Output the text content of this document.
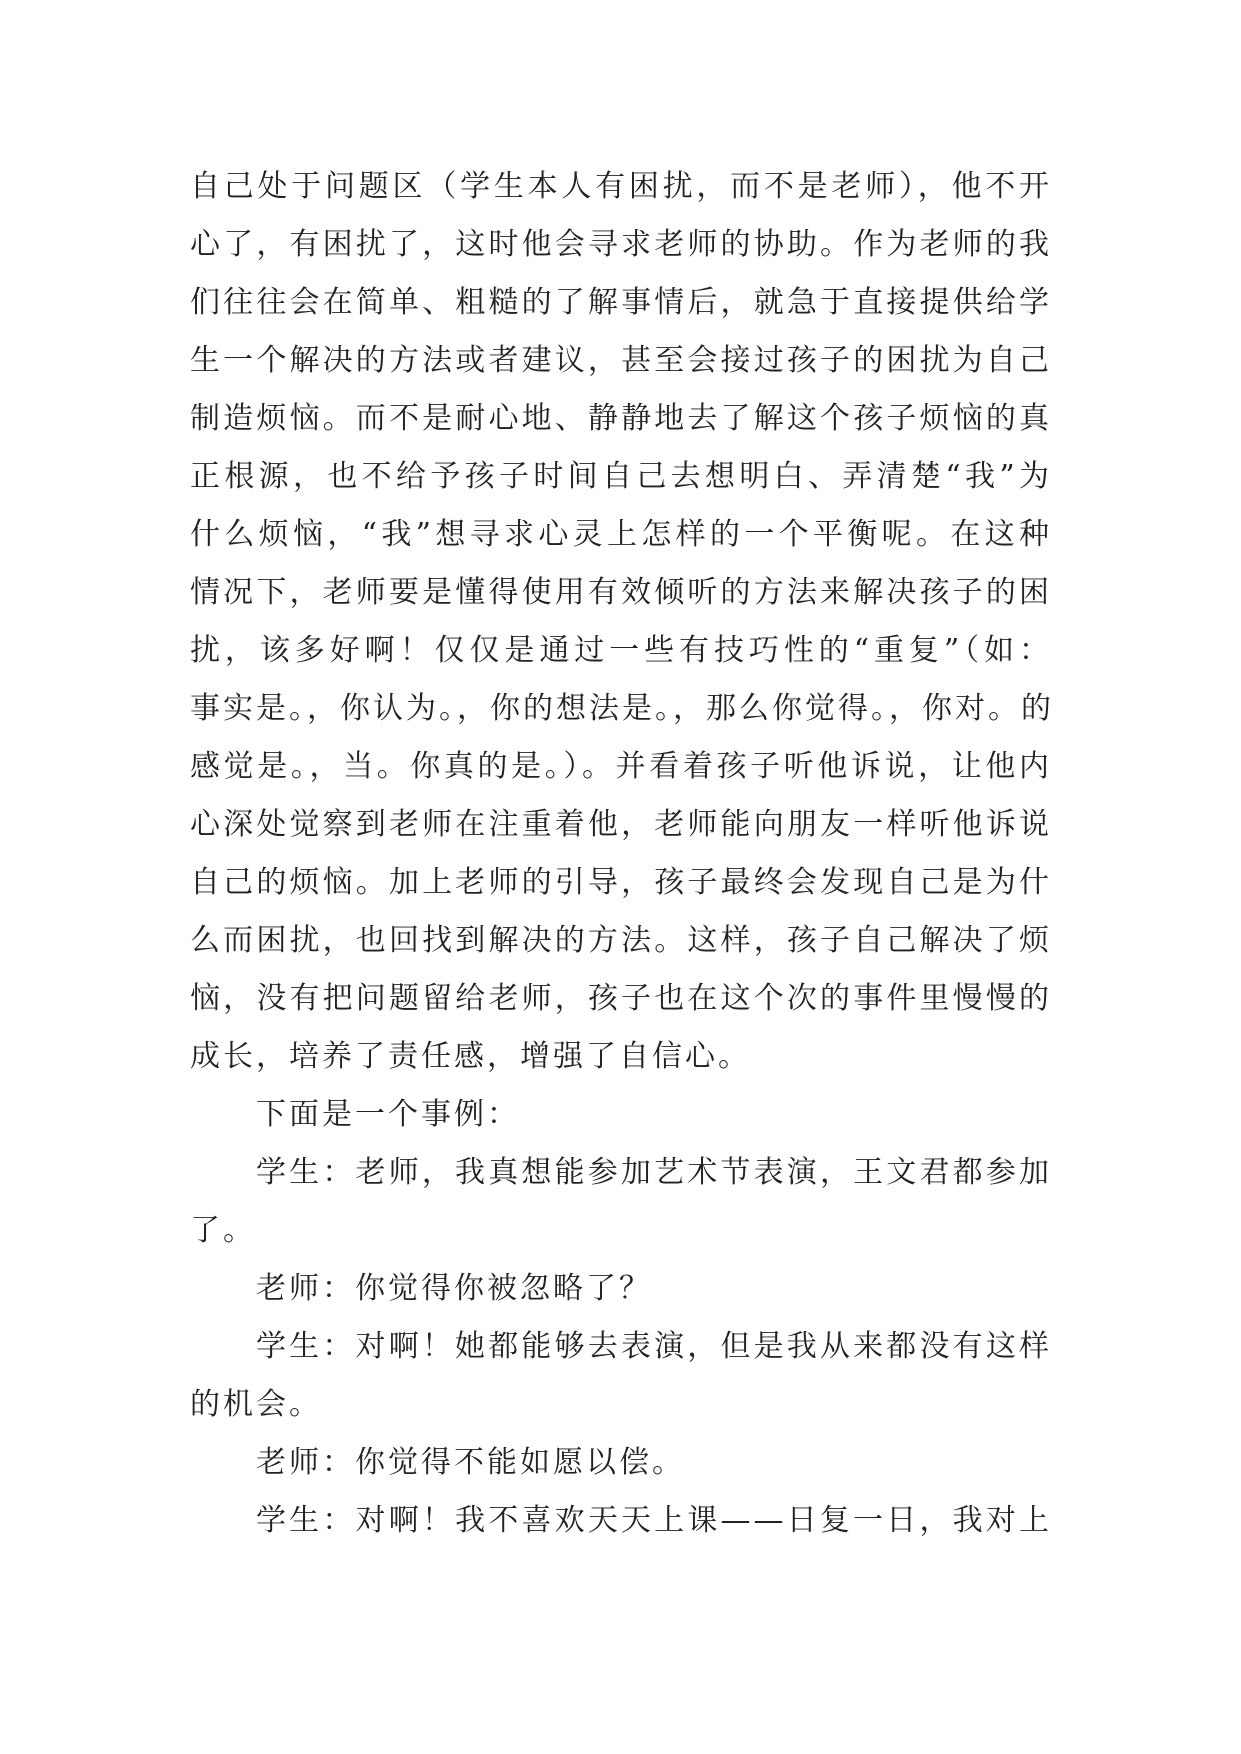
自己处于问题区（学生本人有困扰，而不是老师），他不开
心了，有困扰了，这时他会寻求老师的协助。作为老师的我
们往往会在简单、粗糙的了解事情后，就急于直接提供给学
生一个解决的方法或者建议，甚至会接过孩子的困扰为自己
制造烦恼。而不是耐心地、静静地去了解这个孩子烦恼的真
正根源，也不给予孩子时间自己去想明白、弄清楚“我”为
什么烦恼，“我”想寻求心灵上怎样的一个平衡呢。在这种
情况下，老师要是懂得使用有效倾听的方法来解决孩子的困
扰，该多好啊！仅仅是通过一些有技巧性的“重复”（如：
事实是。，你认为。，你的想法是。，那么你觉得。，你对。的
感觉是。，当。你真的是。）。并看着孩子听他诉说，让他内
心深处觉察到老师在注重着他，老师能向朋友一样听他诉说
自己的烦恼。加上老师的引导，孩子最终会发现自己是为什
么而困扰，也回找到解决的方法。这样，孩子自己解决了烦
恼，没有把问题留给老师，孩子也在这个次的事件里慢慢的
成长，培养了责任感，增强了自信心。
下面是一个事例：
学生：老师，我真想能参加艺术节表演，王文君都参加
了。
老师：你觉得你被忽略了？
学生：对啊！她都能够去表演，但是我从来都没有这样
的机会。
老师：你觉得不能如愿以偿。
学生：对啊！我不喜欢天天上课——日复一日，我对上
